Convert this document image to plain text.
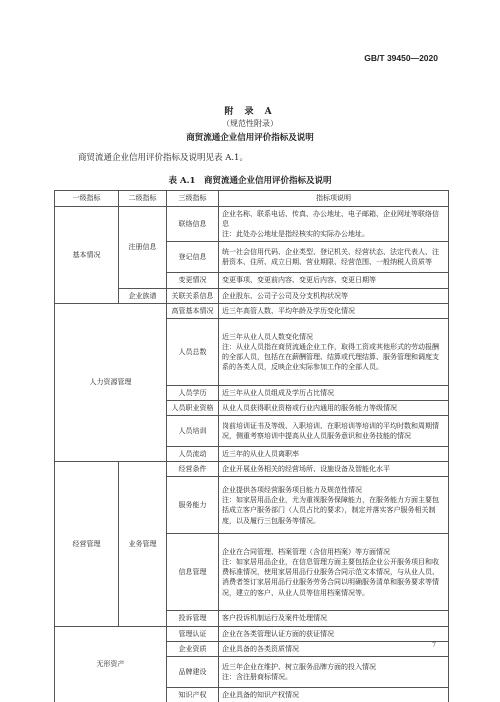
GB/T 39450—2020
附 录 A
（规范性附录）
商贸流通企业信用评价指标及说明
商贸流通企业信用评价指标及说明见表 A.1。
表 A.1　商贸流通企业信用评价指标及说明
一级指标	二级指标	三级指标	指标项说明
基本情况	注册信息	联络信息	企业名称、联系电话、传真、办公地址、电子邮箱、企业网址等联络信息
注：此处办公地址是指经核实的实际办公地址。

		登记信息	统一社会信用代码、企业类型、登记机关、经营状态、法定代表人、注册资本、住所、成立日期、营业期限、经营范围、一般纳税人资质等
		变更情况	变更事项、变更前内容、变更后内容、变更日期等
	企业族谱	关联关系信息	企业股东、公司子公司及分支机构状况等
人力资源管理		高管基本情况	近三年高管人数、平均年龄及学历变化情况
		人员总数	近三年从业人员人数变化情况
注：从业人员指在商贸流通企业工作，取得工资或其他形式的劳动报酬的全部人员，包括在在薪酬管理、结算或代理结算、服务管理和调度支系的各类人员，反映企业实际参加工作的全部人员。

		人员学历	近三年从业人员组成及学历占比情况
		人员职业资格	从业人员获得职业资格或行业内通用的服务能力等级情况
		人员培训	岗前培训证书及等级、入职培训、在职培训等培训的平均时数和周期情况，侧重考察培训中提高从业人员服务意识和业务技能的情况
		人员流动	近三年的从业人员离职率
经营管理	业务管理	经营条件	企业开展业务相关的经营场所、设施设备及智能化水平
		服务能力	企业提供各项经营服务项目能力及规范性情况
注：如家居用品企业，尤为重视服务保障能力，在服务能力方面主要包括成立客户服务部门（人员占比的要求），制定并落实客户服务相关制度，以及履行三包服务等情况。

		信息管理	企业在合同管理、档案管理（含信用档案）等方面情况
注：如家居用品企业，在信息管理方面主要包括企业公开服务项目和收费标准情况，使用家居用品行业服务合同示范文本情况，与从业人员、消费者签订家居用品行业服务劳务合同以明确服务清单和服务要求等情况，建立的客户、从业人员等信用档案情况等。

		投诉管理	客户投诉机制运行及案件处理情况
无形资产		管理认证	企业在各类管理认证方面的获证情况
		企业资质	企业具备的各类资质情况
		品牌建设	近三年企业在维护、树立服务品牌方面的投入情况
注：含注册商标情况。

		知识产权	企业具备的知识产权情况
7
